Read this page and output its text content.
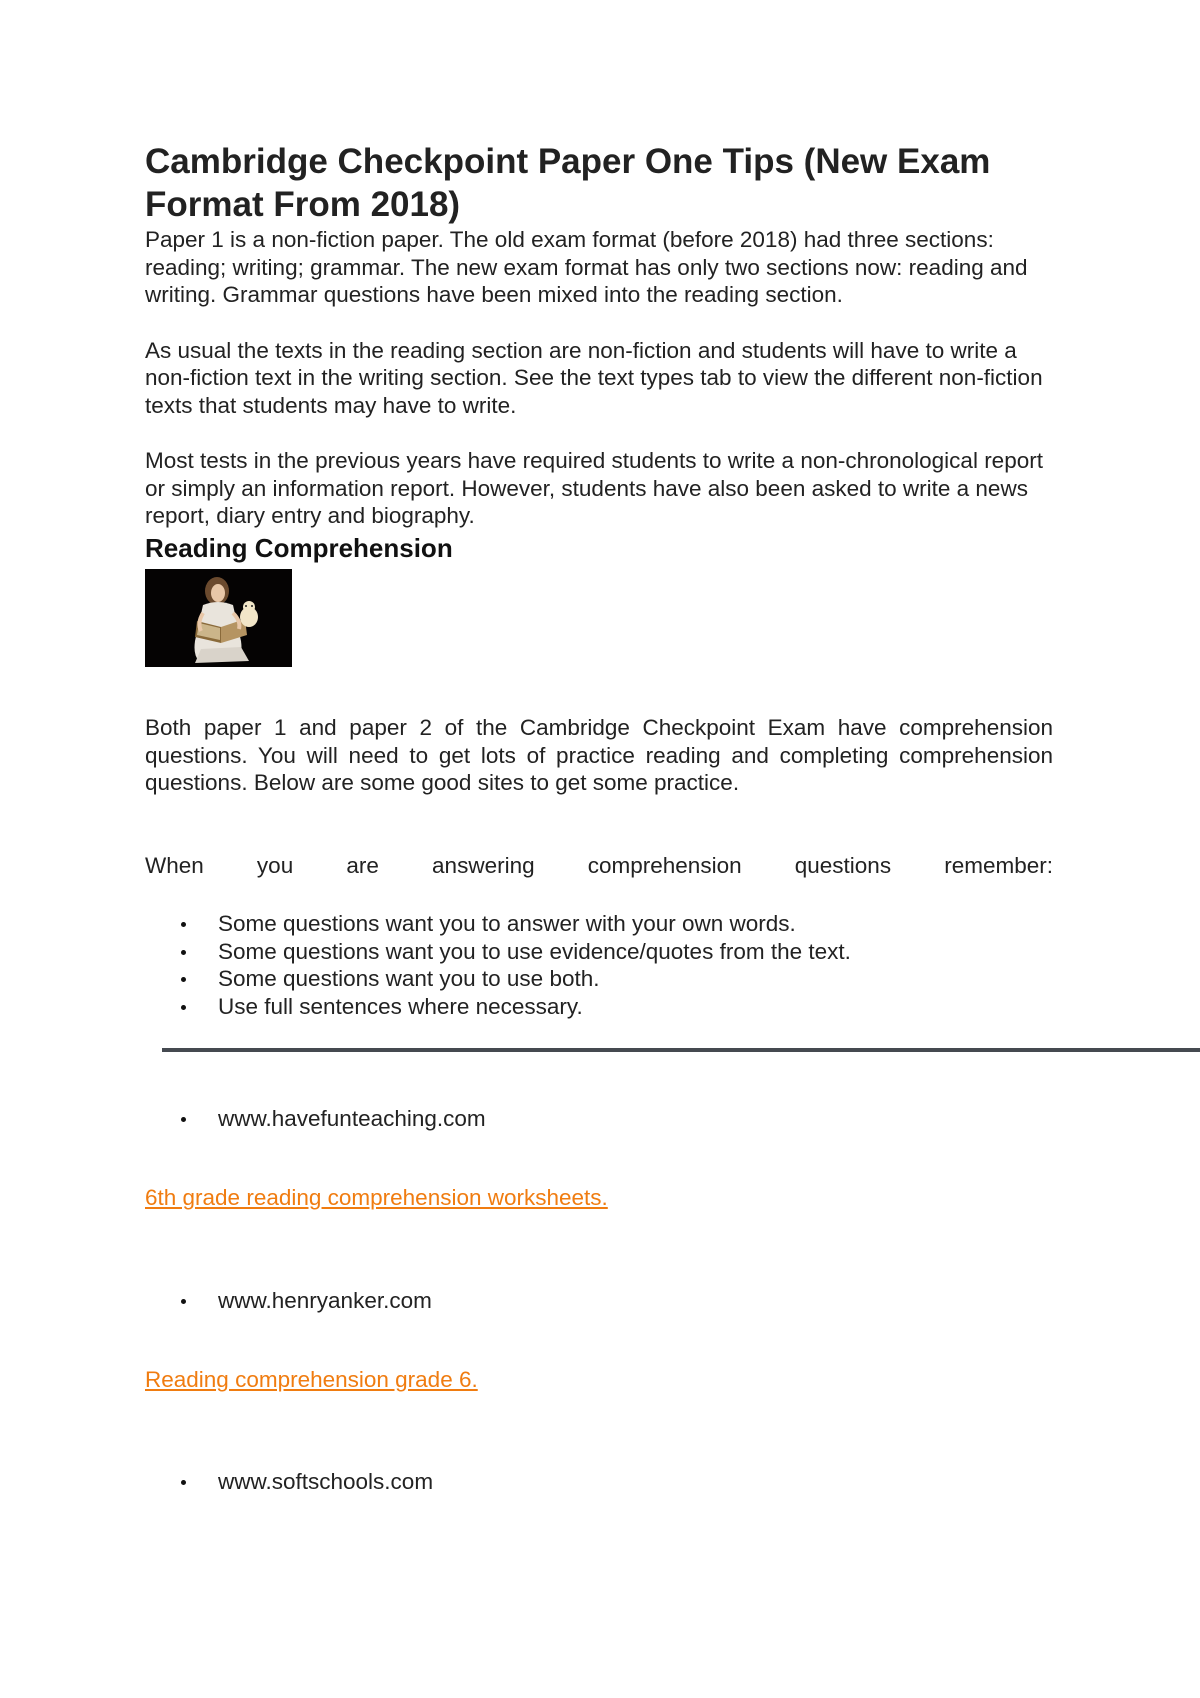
Cambridge Checkpoint Paper One Tips (New Exam Format From 2018)

Paper 1 is a non-fiction paper. The old exam format (before 2018) had three sections: reading; writing; grammar. The new exam format has only two sections now: reading and writing. Grammar questions have been mixed into the reading section.

As usual the texts in the reading section are non-fiction and students will have to write a non-fiction text in the writing section. See the text types tab to view the different non-fiction texts that students may have to write.

Most tests in the previous years have required students to write a non-chronological report or simply an information report. However, students have also been asked to write a news report, diary entry and biography.

Reading Comprehension

Both paper 1 and paper 2 of the Cambridge Checkpoint Exam have comprehension questions. You will need to get lots of practice reading and completing comprehension questions. Below are some good sites to get some practice.

When you are answering comprehension questions remember:

Some questions want you to answer with your own words.
Some questions want you to use evidence/quotes from the text.
Some questions want you to use both.
Use full sentences where necessary.
www.havefunteaching.com
6th grade reading comprehension worksheets.
www.henryanker.com
Reading comprehension grade 6.
www.softschools.com
